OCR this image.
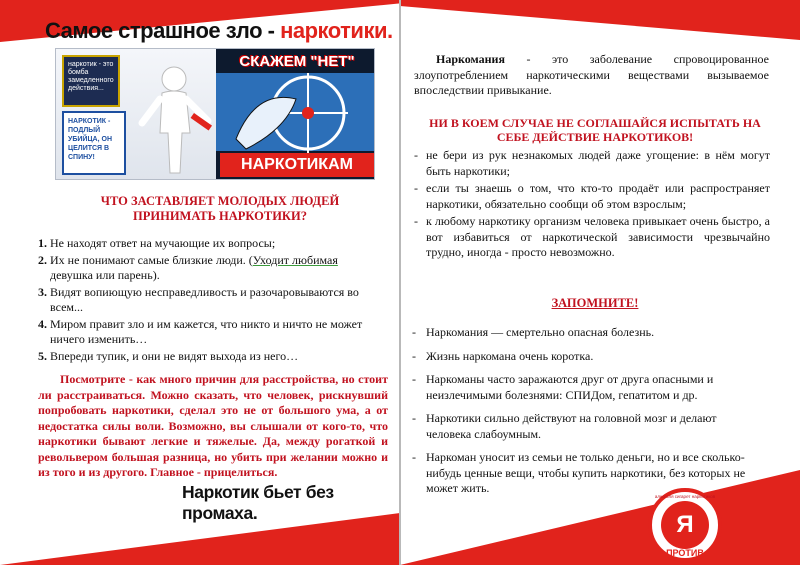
Самое страшное зло - наркотики.
наркотик - это бомба замедленного действия...
НАРКОТИК - ПОДЛЫЙ УБИЙЦА, ОН ЦЕЛИТСЯ В СПИНУ!
СКАЖЕМ "НЕТ"
НАРКОТИКАМ
ЧТО ЗАСТАВЛЯЕТ МОЛОДЫХ ЛЮДЕЙ ПРИНИМАТЬ НАРКОТИКИ?
1. Не находят ответ на мучающие их вопросы;
2. Их не понимают самые близкие люди. (Уходит любимая девушка или парень).
3. Видят вопиющую несправедливость и разочаровываются во всем...
4. Миром правит зло и им кажется, что никто и ничто не может ничего изменить…
5. Впереди тупик, и они не видят выхода из него…

Посмотрите - как много причин для расстройства, но стоит ли расстраиваться. Можно сказать, что человек, рискнувший попробовать наркотики, сделал это не от большого ума, а от недостатка силы воли. Возможно, вы слышали от кого-то, что наркотики бывают легкие и тяжелые. Да, между рогаткой и револьвером большая разница, но убить при желании можно и из того и из другого. Главное - прицелиться.

Наркотик бьет без промаха.

Наркомания - это заболевание спровоцированное злоупотреблением наркотическими веществами вызываемое впоследствии привыкание.

НИ В КОЕМ СЛУЧАЕ НЕ СОГЛАШАЙСЯ ИСПЫТАТЬ НА СЕБЕ ДЕЙСТВИЕ НАРКОТИКОВ!
- не бери из рук незнакомых людей даже угощение: в нём могут быть наркотики;
- если ты знаешь о том, что кто-то продаёт или распространяет наркотики, обязательно сообщи об этом взрослым;
- к любому наркотику организм человека привыкает очень быстро, а вот избавиться от наркотической зависимости чрезвычайно трудно, иногда - просто невозможно.
ЗАПОМНИТЕ!
- Наркомания — смертельно опасная болезнь.
- Жизнь наркомана очень коротка.
- Наркоманы часто заражаются друг от друга опасными и неизлечимыми болезнями: СПИДом, гепатитом и др.
- Наркотики сильно действуют на головной мозг и делают человека слабоумным.
- Наркоман уносит из семьи не только деньги, но и все сколько-нибудь ценные вещи, чтобы купить наркотики, без которых не может жить.
Я
ПРОТИВ
алкоголя сигарет наркотиков
